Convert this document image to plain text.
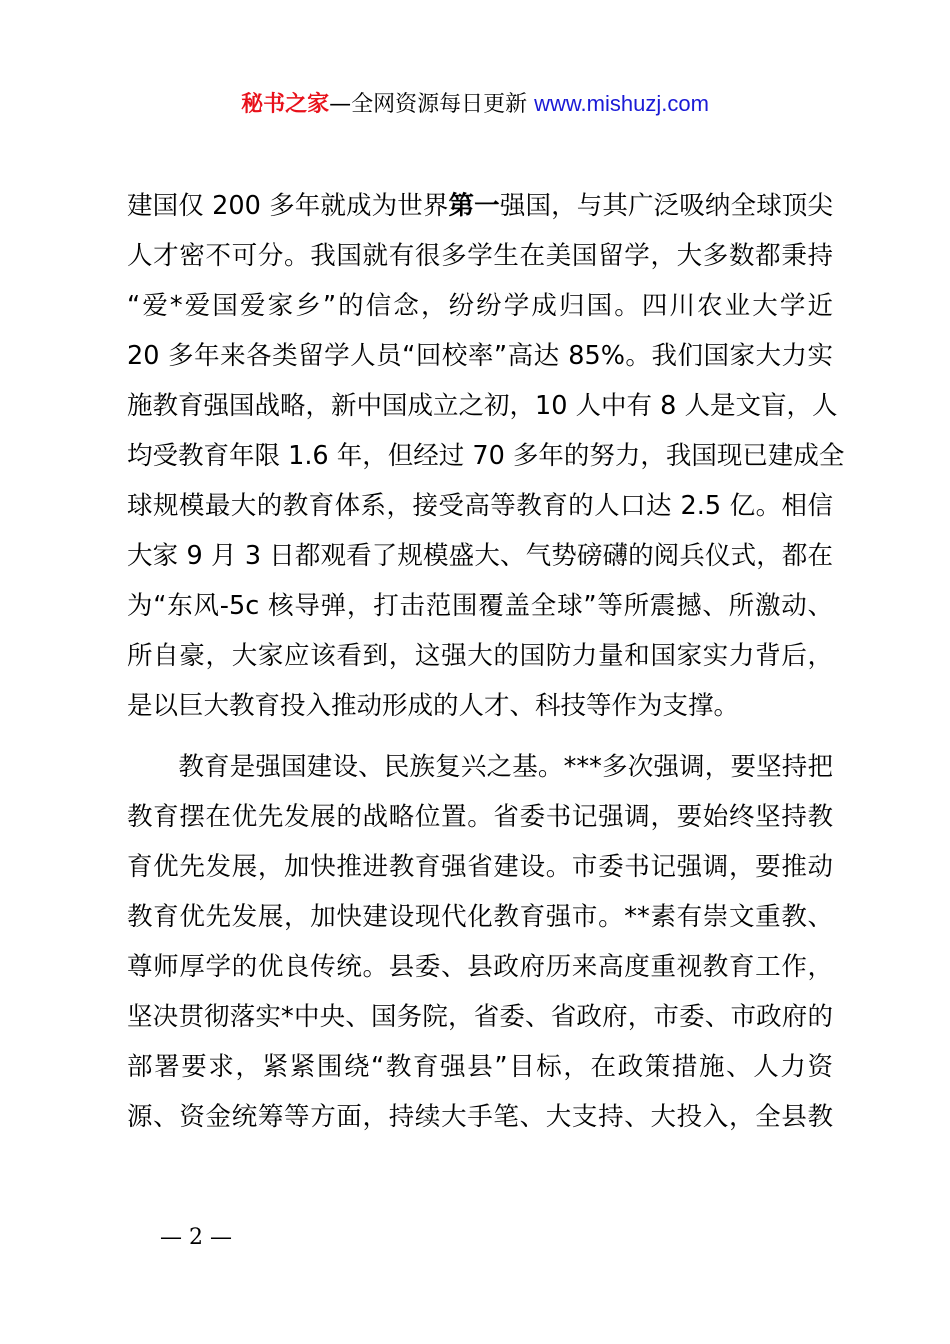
秘书之家—全网资源每日更新 www.mishuzj.com
建国仅 200 多年就成为世界第一强国，与其广泛吸纳全球顶尖
人才密不可分。我国就有很多学生在美国留学，大多数都秉持
“爱*爱国爱家乡”的信念，纷纷学成归国。四川农业大学近
20 多年来各类留学人员“回校率”高达 85%。我们国家大力实
施教育强国战略，新中国成立之初，10 人中有 8 人是文盲，人
均受教育年限 1.6 年，但经过 70 多年的努力，我国现已建成全
球规模最大的教育体系，接受高等教育的人口达 2.5 亿。相信
大家 9 月 3 日都观看了规模盛大、气势磅礴的阅兵仪式，都在
为“东风-5c 核导弹，打击范围覆盖全球”等所震撼、所激动、
所自豪，大家应该看到，这强大的国防力量和国家实力背后，
是以巨大教育投入推动形成的人才、科技等作为支撑。
　　教育是强国建设、民族复兴之基。***多次强调，要坚持把
教育摆在优先发展的战略位置。省委书记强调，要始终坚持教
育优先发展，加快推进教育强省建设。市委书记强调，要推动
教育优先发展，加快建设现代化教育强市。**素有崇文重教、
尊师厚学的优良传统。县委、县政府历来高度重视教育工作，
坚决贯彻落实*中央、国务院，省委、省政府，市委、市政府的
部署要求，紧紧围绕“教育强县”目标，在政策措施、人力资
源、资金统筹等方面，持续大手笔、大支持、大投入，全县教
— 2 —
